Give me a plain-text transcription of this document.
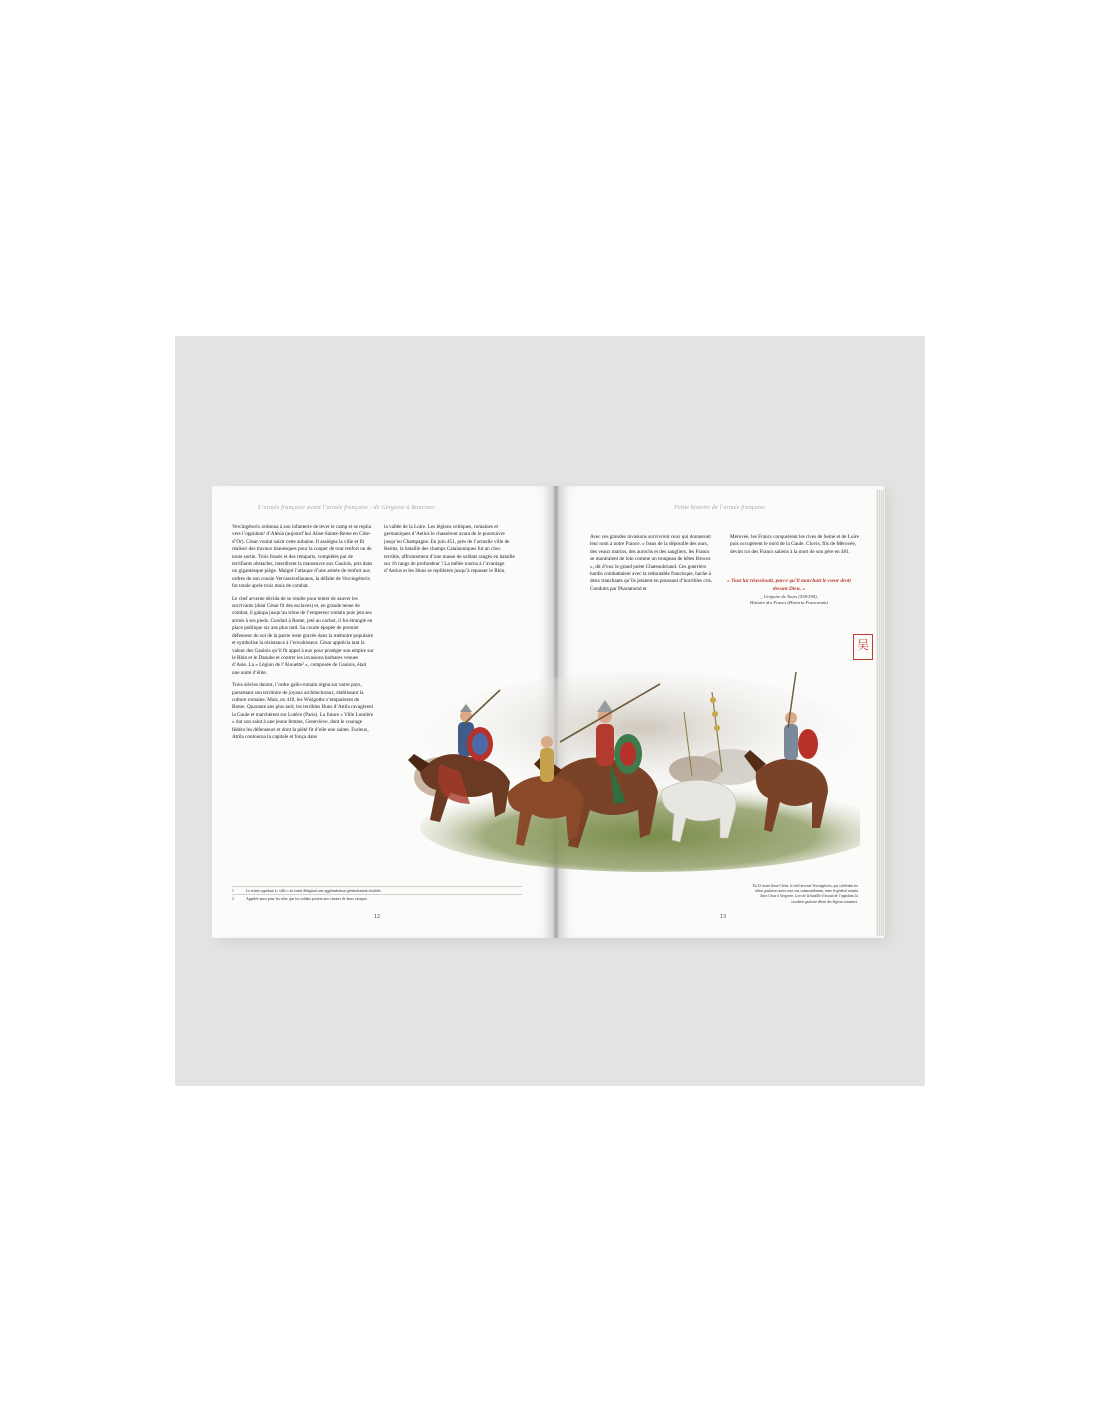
L’armée française avant l’armée française : de Gergovie à Bouvines

Vercingétorix ordonna à son infanterie de lever le camp et se replia vers l’oppidum¹ d’Alésia (aujourd’hui Alise-Sainte-Reine en Côte-d’Or). César voulut saisir cette aubaine. Il assiégea la ville et fit réaliser des travaux titanesques pour la couper de tout renfort ou de toute sortie. Trois fossés et des remparts, complétés par de terrifiants obstacles, interdirent la manœuvre aux Gaulois, pris dans un gigantesque piège. Malgré l’attaque d’une armée de renfort aux ordres de son cousin Vercassivellaunos, la défaite de Vercingétorix fut totale après trois mois de combat.

Le chef arverne décida de se rendre pour tenter de sauver les survivants (dont César fit des esclaves) et, en grande tenue de combat, il galopa jusqu’au trône de l’empereur romain puis jeta ses armes à ses pieds. Conduit à Rome, jeté au cachot, il fut étranglé en place publique six ans plus tard. Sa courte épopée de premier défenseur du sol de la patrie reste gravée dans la mémoire populaire et symbolise la résistance à l’envahisseur. César appréciа tant la valeur des Gaulois qu’il fit appel à eux pour protéger son empire sur le Rhin et le Danube et contrer les invasions barbares venues d’Asie. La « Légion de l’Alouette² », composée de Gaulois, était une unité d’élite.

Trois siècles durant, l’ordre gallo-romain régna sur notre pays, parsemant son territoire de joyaux architecturaux, établissant la culture romaine. Mais, en 410, les Wisigoths s’emparèrent de Rome. Quarante ans plus tard, les terribles Huns d’Attila ravagèrent la Gaule et marchèrent sur Lutèce (Paris). La future « Ville Lumière » dut son salut à une jeune femme, Geneviève, dont le courage fédéra les défenseurs et dont la piété fit d’elle une sainte. Furieux, Attila contourna la capitale et fonça dans

la vallée de la Loire. Les légions celtiques, romaines et germaniques d’Aetius le chassèrent avant de le poursuivre jusqu’en Champagne. En juin 451, près de l’actuelle ville de Reims, la bataille des champs Catalauniques fut un choc terrible, affrontement d’une masse de soldats rangés en bataille sur 16 rangs de profondeur ! La mêlée tourna à l’avantage d’Aetius et les Huns se replièrent jusqu’à repasser le Rhin.

1	Le terme oppidum (« ville » en latin) désignait une agglomération généralement fortifiée.
2	Appelée ainsi pour les ailes que les soldats portent aux cimiers de leurs casques.
12
Petite histoire de l’armée française

Avec ces grandes invasions survivront ceux qui donneront leur nom à notre France. « Issus de la dépouille des ours, des veaux marins, des aurochs et des sangliers, les Francs se montraient de loin comme un troupeau de bêtes féroces », dit d’eux le grand poète Chateaubriand. Ces guerriers hardis combattaient avec la redoutable francisque, hache à deux tranchants qu’ils jetaient en poussant d’horribles cris. Conduits par Pharamond et

Mérovée, les Francs conquièrent les rives de Seine et de Loire puis occupèrent le nord de la Gaule. Clovis, fils de Mérovée, devint roi des Francs saliens à la mort de son père en 481.

« Tout lui réussissait, parce qu’il marchait le cœur droit devant Dieu. »
_ Grégoire de Tours (538-594),
Histoire des Francs (Historia Francorum)
吴
En 52 avant Jésus-Christ, le chef arverne Vercingétorix, qui a défendu les tribus gauloises unies sous son commandement, tente le général romain Jules César à Gergovie. Lors de la bataille d’assaut de l’oppidum, la cavalerie gauloise défait des légions romaines.
13
